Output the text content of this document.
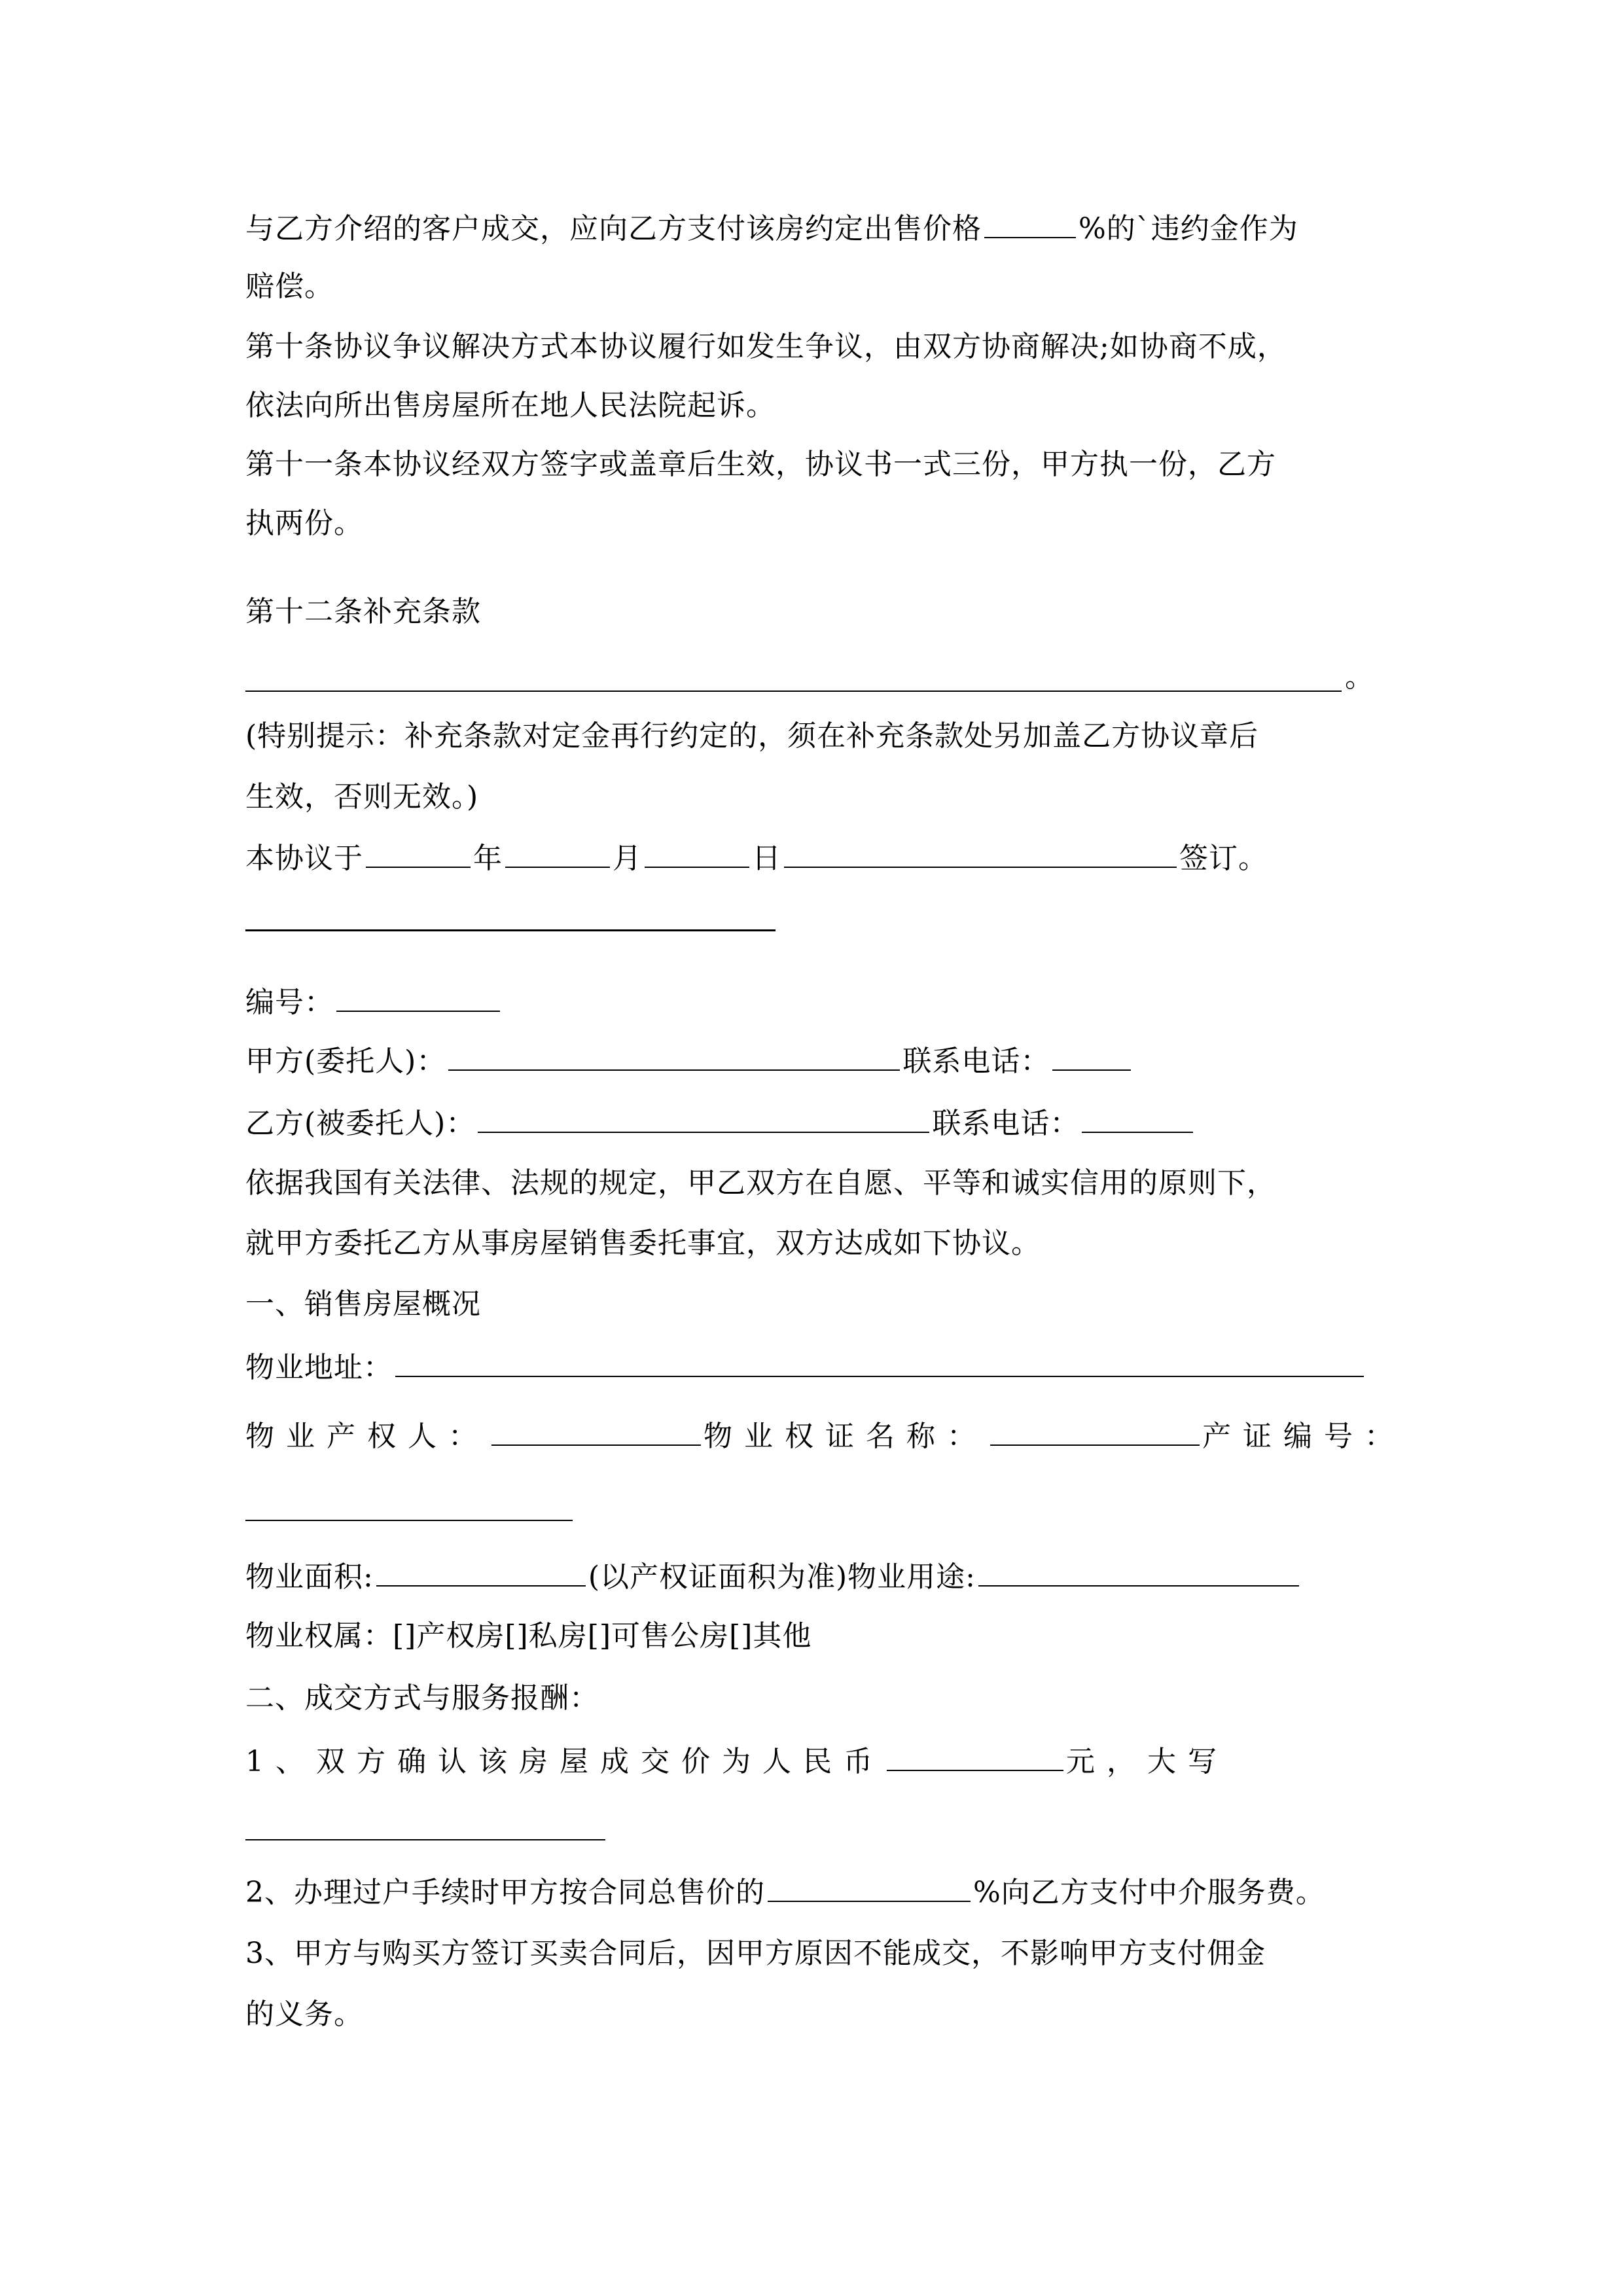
与乙方介绍的客户成交，应向乙方支付该房约定出售价格	%的`违约金作为
赔偿。
第十条协议争议解决方式本协议履行如发生争议，由双方协商解决;如协商不成，
依法向所出售房屋所在地人民法院起诉。
第十一条本协议经双方签字或盖章后生效，协议书一式三份，甲方执一份，乙方
执两份。
第十二条补充条款
。
(特别提示：补充条款对定金再行约定的，须在补充条款处另加盖乙方协议章后
生效，否则无效。)
本协议于	年	月	日	签订。
编号：
甲方(委托人)：	联系电话：
乙方(被委托人)：	联系电话：
依据我国有关法律、法规的规定，甲乙双方在自愿、平等和诚实信用的原则下，
就甲方委托乙方从事房屋销售委托事宜，双方达成如下协议。
一、销售房屋概况
物业地址：
物业产权人：	物业权证名称：	产证编号：
物业面积:	(以产权证面积为准)物业用途:
物业权属：[]产权房[]私房[]可售公房[]其他
二、成交方式与服务报酬：
1、双方确认该房屋成交价为人民币	元，大写
2、办理过户手续时甲方按合同总售价的	%向乙方支付中介服务费。
3、甲方与购买方签订买卖合同后，因甲方原因不能成交，不影响甲方支付佣金
的义务。
